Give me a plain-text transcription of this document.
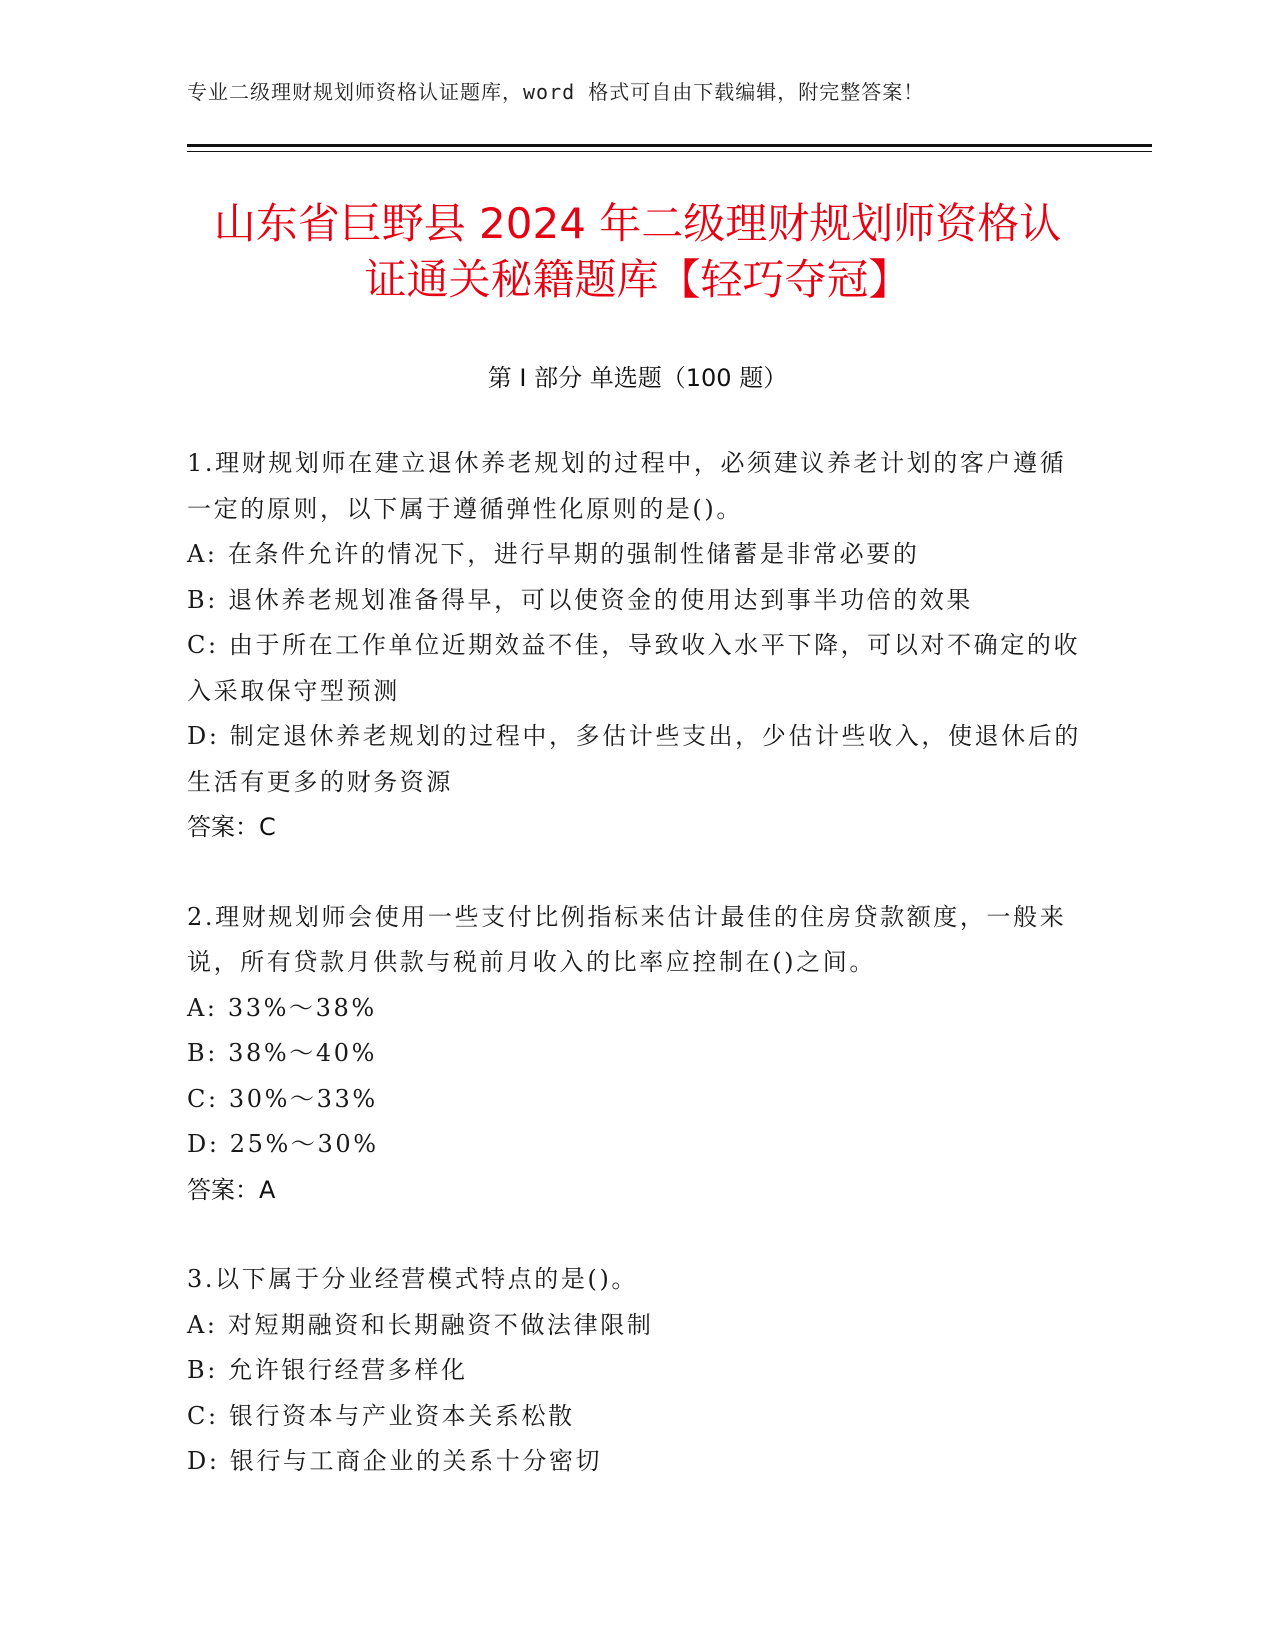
专业二级理财规划师资格认证题库，word 格式可自由下载编辑，附完整答案！
山东省巨野县 2024 年二级理财规划师资格认
证通关秘籍题库【轻巧夺冠】
第 I 部分 单选题（100 题）
1.理财规划师在建立退休养老规划的过程中，必须建议养老计划的客户遵循一定的原则，以下属于遵循弹性化原则的是()。
A: 在条件允许的情况下，进行早期的强制性储蓄是非常必要的
B: 退休养老规划准备得早，可以使资金的使用达到事半功倍的效果
C: 由于所在工作单位近期效益不佳，导致收入水平下降，可以对不确定的收入采取保守型预测
D: 制定退休养老规划的过程中，多估计些支出，少估计些收入，使退休后的生活有更多的财务资源
答案：C
2.理财规划师会使用一些支付比例指标来估计最佳的住房贷款额度，一般来说，所有贷款月供款与税前月收入的比率应控制在()之间。
A: 33%～38%
B: 38%～40%
C: 30%～33%
D: 25%～30%
答案：A
3.以下属于分业经营模式特点的是()。
A: 对短期融资和长期融资不做法律限制
B: 允许银行经营多样化
C: 银行资本与产业资本关系松散
D: 银行与工商企业的关系十分密切
